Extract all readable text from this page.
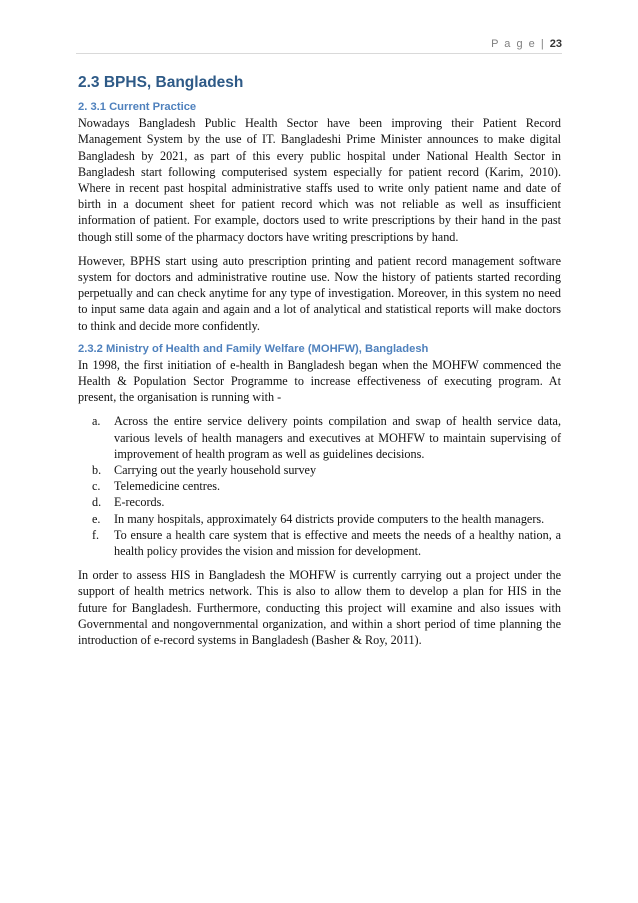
P a g e | 23
2.3 BPHS, Bangladesh
2. 3.1 Current Practice

Nowadays Bangladesh Public Health Sector have been improving their Patient Record Management System by the use of IT. Bangladeshi Prime Minister announces to make digital Bangladesh by 2021, as part of this every public hospital under National Health Sector in Bangladesh start following computerised system especially for patient record (Karim, 2010). Where in recent past hospital administrative staffs used to write only patient name and date of birth in a document sheet for patient record which was not reliable as well as insufficient information of patient. For example, doctors used to write prescriptions by their hand in the past though still some of the pharmacy doctors have writing prescriptions by hand.

However, BPHS start using auto prescription printing and patient record management software system for doctors and administrative routine use. Now the history of patients started recording perpetually and can check anytime for any type of investigation. Moreover, in this system no need to input same data again and again and a lot of analytical and statistical reports will make doctors to think and decide more confidently.

2.3.2 Ministry of Health and Family Welfare (MOHFW), Bangladesh

In 1998, the first initiation of e-health in Bangladesh began when the MOHFW commenced the Health & Population Sector Programme to increase effectiveness of executing program. At present, the organisation is running with -

a. Across the entire service delivery points compilation and swap of health service data, various levels of health managers and executives at MOHFW to maintain supervising of improvement of health program as well as guidelines decisions.
b. Carrying out the yearly household survey
c. Telemedicine centres.
d. E-records.
e. In many hospitals, approximately 64 districts provide computers to the health managers.
f. To ensure a health care system that is effective and meets the needs of a healthy nation, a health policy provides the vision and mission for development.

In order to assess HIS in Bangladesh the MOHFW is currently carrying out a project under the support of health metrics network. This is also to allow them to develop a plan for HIS in the future for Bangladesh. Furthermore, conducting this project will examine and also issues with Governmental and nongovernmental organization, and within a short period of time planning the introduction of e-record systems in Bangladesh (Basher & Roy, 2011).
